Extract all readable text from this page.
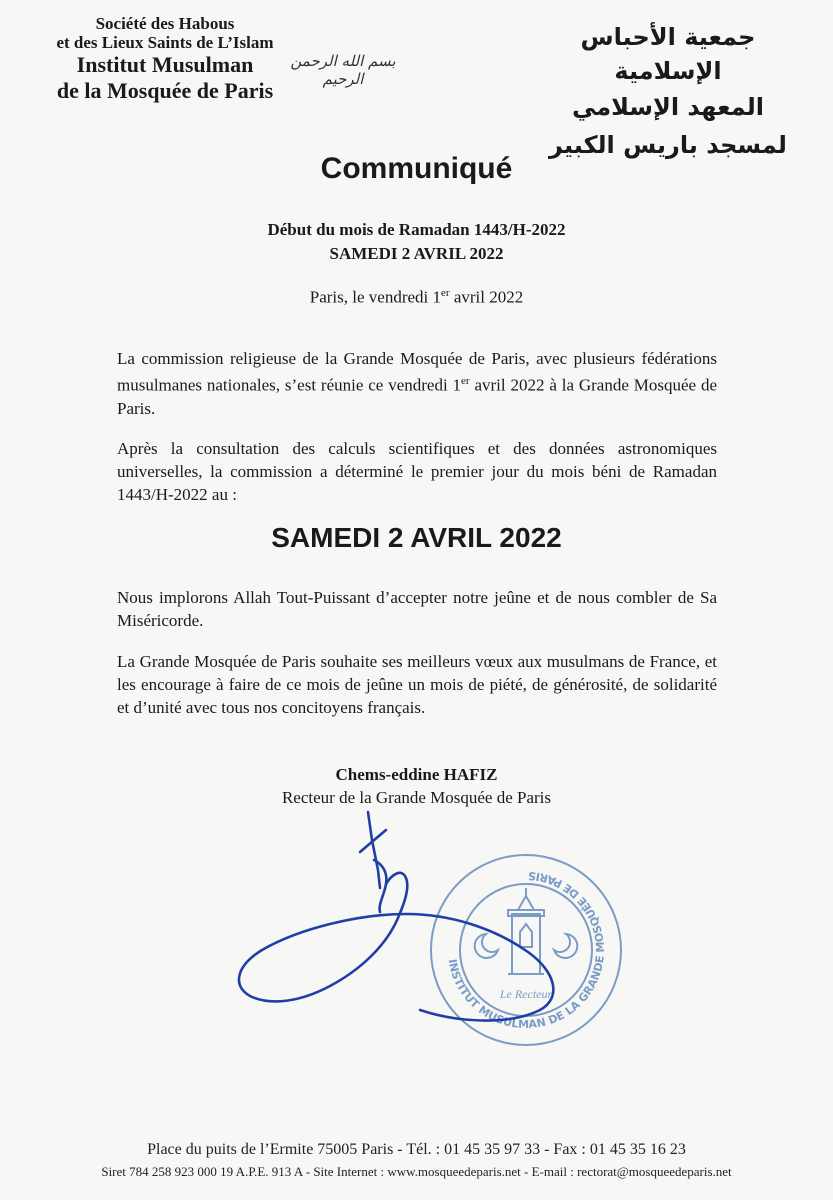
Société des Habous
et des Lieux Saints de L’Islam
Institut Musulman
de la Mosquée de Paris
بسم الله الرحمن الرحيم
جمعية الأحباس الإسلامية
المعهد الإسلامي لمسجد باريس الكبير
Communiqué
Début du mois de Ramadan 1443/H-2022
SAMEDI 2 AVRIL 2022
Paris, le vendredi 1er avril 2022
La commission religieuse de la Grande Mosquée de Paris, avec plusieurs fédérations musulmanes nationales, s’est réunie ce vendredi 1er avril 2022 à la Grande Mosquée de Paris.
Après la consultation des calculs scientifiques et des données astronomiques universelles, la commission a déterminé le premier jour du mois béni de Ramadan 1443/H-2022 au :
SAMEDI 2 AVRIL 2022
Nous implorons Allah Tout-Puissant d’accepter notre jeûne et de nous combler de Sa Miséricorde.
La Grande Mosquée de Paris souhaite ses meilleurs vœux aux musulmans de France, et les encourage à faire de ce mois de jeûne un mois de piété, de générosité, de solidarité et d’unité avec tous nos concitoyens français.
Chems-eddine HAFIZ
Recteur de la Grande Mosquée de Paris
INSTITUT MUSULMAN DE LA GRANDE MOSQUÉE DE PARIS
Le Recteur
Place du puits de l’Ermite 75005 Paris - Tél. : 01 45 35 97 33 - Fax : 01 45 35 16 23
Siret 784 258 923 000 19 A.P.E. 913 A - Site Internet : www.mosqueedeparis.net - E-mail : rectorat@mosqueedeparis.net
